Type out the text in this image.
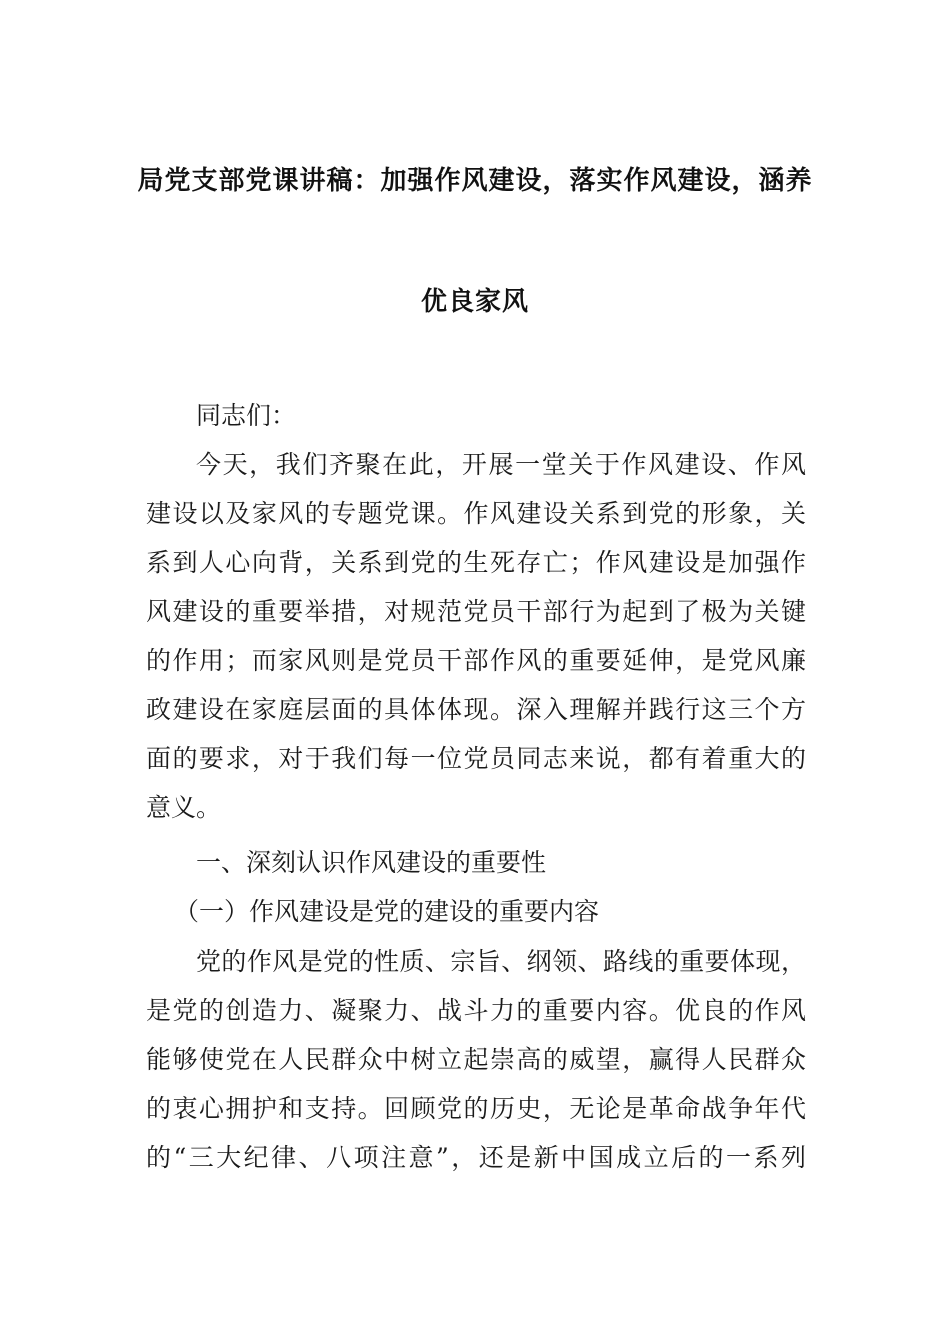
局党支部党课讲稿：加强作风建设，落实作风建设，涵养
优良家风
同志们：
今天，我们齐聚在此，开展一堂关于作风建设、作风
建设以及家风的专题党课。作风建设关系到党的形象，关
系到人心向背，关系到党的生死存亡；作风建设是加强作
风建设的重要举措，对规范党员干部行为起到了极为关键
的作用；而家风则是党员干部作风的重要延伸，是党风廉
政建设在家庭层面的具体体现。深入理解并践行这三个方
面的要求，对于我们每一位党员同志来说，都有着重大的
意义。
一、深刻认识作风建设的重要性
（一）作风建设是党的建设的重要内容
党的作风是党的性质、宗旨、纲领、路线的重要体现，
是党的创造力、凝聚力、战斗力的重要内容。优良的作风
能够使党在人民群众中树立起崇高的威望，赢得人民群众
的衷心拥护和支持。回顾党的历史，无论是革命战争年代
的“三大纪律、八项注意”，还是新中国成立后的一系列
